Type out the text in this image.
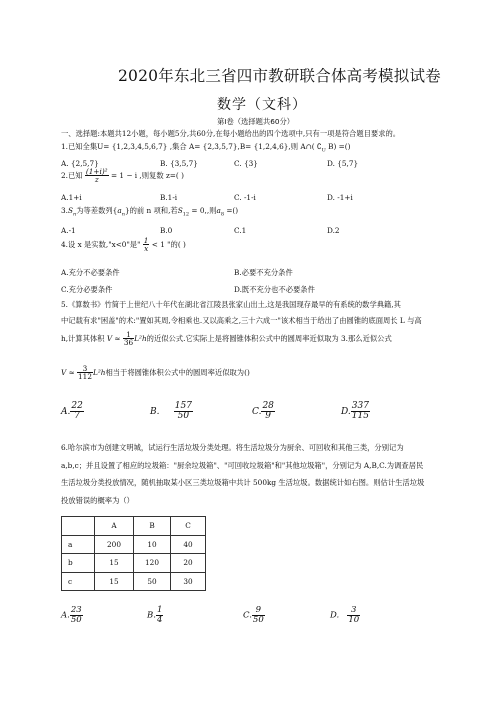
2020年东北三省四市教研联合体高考模拟试卷
数学（文科）
第Ⅰ卷（选择题共60分）
一、选择题:本题共12小题，每小题5分,共60分,在每小题给出的四个选项中,只有一项是符合题目要求的。
1.已知全集U= {1,2,3,4,5,6,7} ,集合 A= {2,3,5,7},B= {1,2,4,6},则 A∩( $∁_U$ B) =()
A. {2,5,7}	B. {3,5,7}	C. {3}	D. {5,7}
2.已知 $\frac{\text{(1+i)²}}{z} = 1 - i$ ,则复数 z=( )
A.1+i	B.1-i	C. -1-i	D. -1+i
$3.S_n$为等差数列$\{a_n\}$的前 n 项和,若$S_{12} = 0$,,则$a_8$ =()
A.-1	B.0	C.1	D.2
4.设 x 是实数,"x<0"是" $\frac{1}{x} < 1$ "的( )
A.充分不必要条件	B.必要不充分条件
C.充分必要条件	D.既不充分也不必要条件
5.《算数书》竹简于上世纪八十年代在湖北省江陵县张家山出土,这是我国现存最早的有系统的数学典籍,其
中记载有求"困盖"的术:"置如其周,令相乘也.又以高乘之,三十六成一"该术相当于给出了由圆锥的底面周长 L 与高
h,计算其体积 $V \approx \frac{1}{36} L^2h$的近似公式.它实际上是将圆锥体积公式中的圆周率近似取为 3.那么近似公式
$V \approx \frac{3}{112} L^2h$相当于将圆锥体积公式中的圆周率近似取为()
A. $\frac{22}{7}$	B. $\frac{157}{50}$	C. $\frac{28}{9}$	D. $\frac{337}{115}$
6.哈尔滨市为创建文明城，试运行生活垃圾分类处理。将生活垃圾分为厨余、可回收和其他三类，分别记为
a,b,c；并且设置了相应的垃圾箱："厨余垃圾箱"、"可回收垃圾箱"和"其他垃圾箱"，分别记为 A,B,C.为调查居民
生活垃圾分类投放情况，随机抽取某小区三类垃圾箱中共计 500kg 生活垃圾。数据统计如右图。则估计生活垃圾
投放错误的概率为（）
	A	B	C
a	200	10	40
b	15	120	20
c	15	50	30
A. $\frac{23}{50}$	B. $\frac{1}{4}$	C. $\frac{9}{50}$	D. $\frac{3}{10}$
